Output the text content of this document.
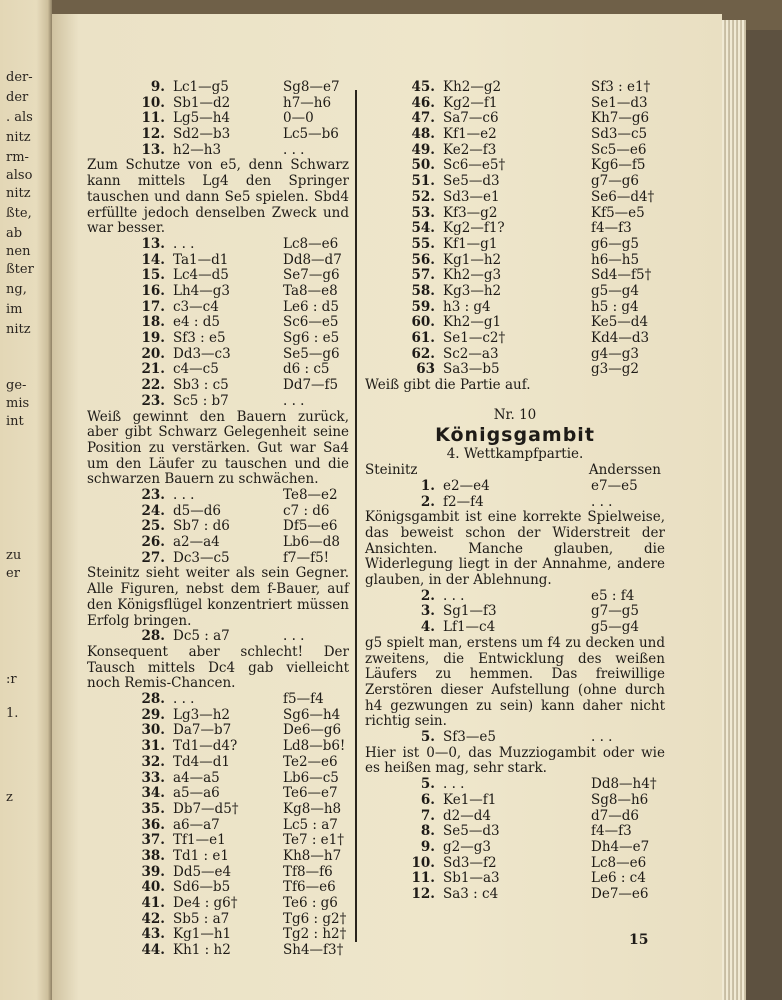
der-
der
. als
nitz
rm-
also
nitz
ßte,
ab
nen
ßter
ng,
im
nitz
ge-
mis
int
zu
er
:r
1.
z
9. Lc1—g5	Sg8—e7
10. Sb1—d2	h7—h6
11. Lg5—h4	0—0
12. Sd2—b3	Lc5—b6
13. h2—h3	. . .
Zum Schutze von e5, denn Schwarz kann mittels Lg4 den Springer tauschen und dann Se5 spielen. Sbd4 erfüllte jedoch denselben Zweck und war besser.
13. . . .	Lc8—e6
14. Ta1—d1	Dd8—d7
15. Lc4—d5	Se7—g6
16. Lh4—g3	Ta8—e8
17. c3—c4	Le6 : d5
18. e4 : d5	Sc6—e5
19. Sf3 : e5	Sg6 : e5
20. Dd3—c3	Se5—g6
21. c4—c5	d6 : c5
22. Sb3 : c5	Dd7—f5
23. Sc5 : b7	. . .
Weiß gewinnt den Bauern zurück, aber gibt Schwarz Gelegenheit seine Position zu verstärken. Gut war Sa4 um den Läufer zu tauschen und die schwarzen Bauern zu schwächen.
23. . . .	Te8—e2
24. d5—d6	c7 : d6
25. Sb7 : d6	Df5—e6
26. a2—a4	Lb6—d8
27. Dc3—c5	f7—f5!
Steinitz sieht weiter als sein Gegner. Alle Figuren, nebst dem f-Bauer, auf den Königsflügel konzentriert müssen Erfolg bringen.
28. Dc5 : a7	. . .
Konsequent aber schlecht! Der Tausch mittels Dc4 gab vielleicht noch Remis-Chancen.
28. . . .	f5—f4
29. Lg3—h2	Sg6—h4
30. Da7—b7	De6—g6
31. Td1—d4?	Ld8—b6!
32. Td4—d1	Te2—e6
33. a4—a5	Lb6—c5
34. a5—a6	Te6—e7
35. Db7—d5†	Kg8—h8
36. a6—a7	Lc5 : a7
37. Tf1—e1	Te7 : e1†
38. Td1 : e1	Kh8—h7
39. Dd5—e4	Tf8—f6
40. Sd6—b5	Tf6—e6
41. De4 : g6†	Te6 : g6
42. Sb5 : a7	Tg6 : g2†
43. Kg1—h1	Tg2 : h2†
44. Kh1 : h2	Sh4—f3†
45. Kh2—g2	Sf3 : e1†
46. Kg2—f1	Se1—d3
47. Sa7—c6	Kh7—g6
48. Kf1—e2	Sd3—c5
49. Ke2—f3	Sc5—e6
50. Sc6—e5†	Kg6—f5
51. Se5—d3	g7—g6
52. Sd3—e1	Se6—d4†
53. Kf3—g2	Kf5—e5
54. Kg2—f1?	f4—f3
55. Kf1—g1	g6—g5
56. Kg1—h2	h6—h5
57. Kh2—g3	Sd4—f5†
58. Kg3—h2	g5—g4
59. h3 : g4	h5 : g4
60. Kh2—g1	Ke5—d4
61. Se1—c2†	Kd4—d3
62. Sc2—a3	g4—g3
63 Sa3—b5	g3—g2
Weiß gibt die Partie auf.
Nr. 10
Königsgambit
4. Wettkampfpartie.
Steinitz	Anderssen
1. e2—e4	e7—e5
2. f2—f4	. . .
Königsgambit ist eine korrekte Spielweise, das beweist schon der Widerstreit der Ansichten. Manche glauben, die Widerlegung liegt in der Annahme, andere glauben, in der Ablehnung.
2. . . .	e5 : f4
3. Sg1—f3	g7—g5
4. Lf1—c4	g5—g4
g5 spielt man, erstens um f4 zu decken und zweitens, die Entwicklung des weißen Läufers zu hemmen. Das freiwillige Zerstören dieser Aufstellung (ohne durch h4 gezwungen zu sein) kann daher nicht richtig sein.
5. Sf3—e5	. . .
Hier ist 0—0, das Muzziogambit oder wie es heißen mag, sehr stark.
5. . . .	Dd8—h4†
6. Ke1—f1	Sg8—h6
7. d2—d4	d7—d6
8. Se5—d3	f4—f3
9. g2—g3	Dh4—e7
10. Sd3—f2	Lc8—e6
11. Sb1—a3	Le6 : c4
12. Sa3 : c4	De7—e6
15
